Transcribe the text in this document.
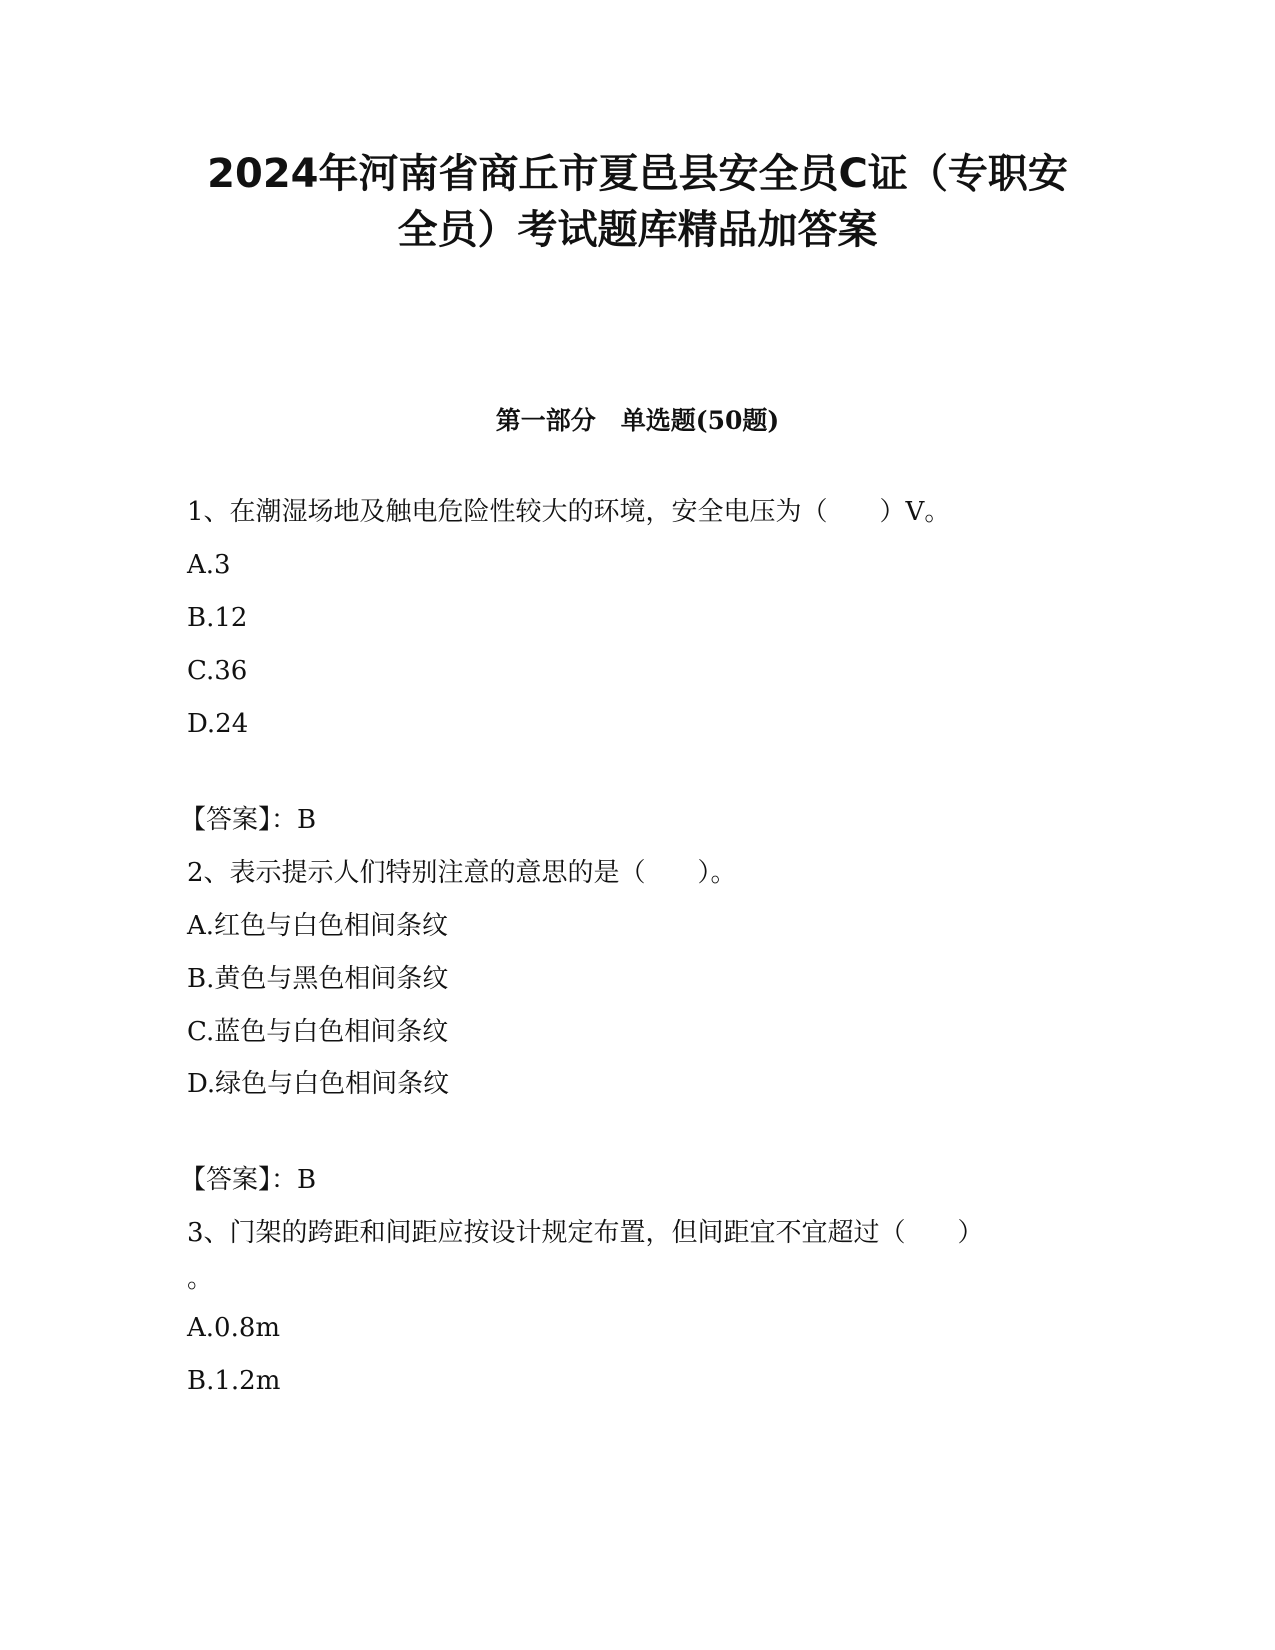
2024年河南省商丘市夏邑县安全员C证（专职安
全员）考试题库精品加答案
第一部分　单选题(50题)
1、在潮湿场地及触电危险性较大的环境，安全电压为（　　）V。
A.3
B.12
C.36
D.24
【答案】：B
2、表示提示人们特别注意的意思的是（　　）。
A.红色与白色相间条纹
B.黄色与黑色相间条纹
C.蓝色与白色相间条纹
D.绿色与白色相间条纹
【答案】：B
3、门架的跨距和间距应按设计规定布置，但间距宜不宜超过（　　）
。
A.0.8m
B.1.2m
